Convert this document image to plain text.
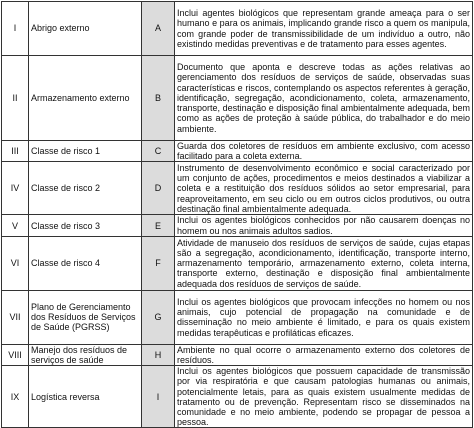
I	Abrigo externo	A	Inclui agentes biológicos que representam grande ameaça para o ser humano e para os animais, implicando grande risco a quem os manipula, com grande poder de transmissibilidade de um indivíduo a outro, não existindo medidas preventivas e de tratamento para esses agentes.
II	Armazenamento externo	B	Documento que aponta e descreve todas as ações relativas ao gerenciamento dos resíduos de serviços de saúde, observadas suas características e riscos, contemplando os aspectos referentes à geração, identificação, segregação, acondicionamento, coleta, armazenamento, transporte, destinação e disposição final ambientalmente adequada, bem como as ações de proteção à saúde pública, do trabalhador e do meio ambiente.
III	Classe de risco 1	C	Guarda dos coletores de resíduos em ambiente exclusivo, com acesso facilitado para a coleta externa.
IV	Classe de risco 2	D	Instrumento de desenvolvimento econômico e social caracterizado por um conjunto de ações, procedimentos e meios destinados a viabilizar a coleta e a restituição dos resíduos sólidos ao setor empresarial, para reaproveitamento, em seu ciclo ou em outros ciclos produtivos, ou outra destinação final ambientalmente adequada.
V	Classe de risco 3	E	Inclui os agentes biológicos conhecidos por não causarem doenças no homem ou nos animais adultos sadios.
VI	Classe de risco 4	F	Atividade de manuseio dos resíduos de serviços de saúde, cujas etapas são a segregação, acondicionamento, identificação, transporte interno, armazenamento temporário, armazenamento externo, coleta interna, transporte externo, destinação e disposição final ambientalmente adequada dos resíduos de serviços de saúde.
VII	Plano de Gerenciamento dos Resíduos de Serviços de Saúde (PGRSS)	G	Inclui os agentes biológicos que provocam infecções no homem ou nos animais, cujo potencial de propagação na comunidade e de disseminação no meio ambiente é limitado, e para os quais existem medidas terapêuticas e profiláticas eficazes.
VIII	Manejo dos resíduos de serviços de saúde	H	Ambiente no qual ocorre o armazenamento externo dos coletores de resíduos.
IX	Logística reversa	I	Inclui os agentes biológicos que possuem capacidade de transmissão por via respiratória e que causam patologias humanas ou animais, potencialmente letais, para as quais existem usualmente medidas de tratamento ou de prevenção. Representam risco se disseminados na comunidade e no meio ambiente, podendo se propagar de pessoa a pessoa.
